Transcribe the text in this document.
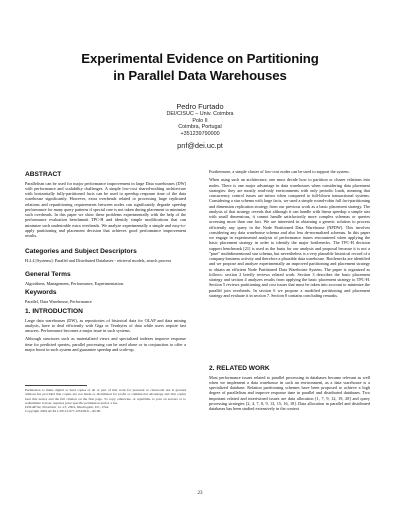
Experimental Evidence on Partitioning
in Parallel Data Warehouses
Pedro Furtado
DEI/CISUC – Univ. Coimbra
Polo II
Coimbra, Portugal
+351239790000
pnf@dei.uc.pt
ABSTRACT

Parallelism can be used for major performance improvement in large Data warehouses (DW) with performance and scalability challenges. A simple low-cost shared-nothing architecture with horizontally fully-partitioned facts can be used to speedup response time of the data warehouse significantly. However, extra overheads related to processing large replicated relations and repartitioning requirements between nodes can significantly degrade speedup performance for many query patterns if special care is not taken during placement to minimize such overheads. In this paper we show these problems experimentally with the help of the performance evaluation benchmark TPC-H and identify simple modifications that can minimize such undesirable extra overheads. We analyze experimentally a simple and easy-to-apply partitioning and placement decision that achieves good performance improvement results.

Categories and Subject Descriptors

H.2.4 [Systems]: Parallel and Distributed Databases - retrieval models, search process

General Terms

Algorithms, Management, Performance, Experimentation.

Keywords

Parallel, Data Warehouse, Performance

1. INTRODUCTION

Large data warehouses (DW), as repositories of historical data for OLAP and data mining analysis, have to deal efficiently with Giga or Terabytes of data while users require fast answers. Performance becomes a major issue in such systems.

Although structures such as materialized views and specialized indexes improve response time for predicted queries, parallel processing can be used alone or in conjunction to offer a major boost in such system and guarantee speedup and scale-up.

Permission to make digital or hard copies of all or part of this work for personal or classroom use is granted without fee provided that copies are not made or distributed for profit or commercial advantage and that copies bear this notice and the full citation on the first page. To copy otherwise, or republish, to post on servers or to redistribute to lists, requires prior specific permission and/or a fee.
DOLAP'04, November 12–13, 2004, Washington, DC, USA.
Copyright 2004 ACM 1-58113-977-2/04/0011...$5.00.

Furthermore, a simple cluster of low-cost nodes can be used to support the system.

When using such an architecture, one must decide how to partition or cluster relations into nodes. There is one major advantage in data warehouses when considering data placement strategies: they are mostly read-only environments with only periodic loads, meaning that concurrency control issues are minor when compared to full-blown transactional systems. Considering a star schema with large facts, we used a simple round-robin full fact-partitioning and dimension replication strategy from our previous work as a basic placement strategy. The analysis of that strategy reveals that although it can handle with linear speedup a simple star with small dimensions, it cannot handle satisfactorily more complex schemas or queries accessing more than one fact. We are interested in obtaining a generic solution to process efficiently any query in the Node Partitioned Data Warehouse (NPDW). This involves considering any data warehouse schema and also less de-normalized schemas. In this paper we engage in experimental analysis of performance issues encountered when applying the basic placement strategy in order to identify the major bottlenecks. The TPC-H decision support benchmark [21] is used as the basis for our analysis and proposal because it is not a "pure" multidimensional star schema, but nevertheless is a very plausible historical record of a company business activity and therefore a plausible data warehouse. Bottlenecks are identified and we propose and analyze experimentally an improved partitioning and placement strategy to obtain an efficient Node Partitioned Data Warehouse System. The paper is organized as follows: section 2 briefly reviews related work. Section 3 describes the basic placement strategy and section 4 analyzes results from applying the basic placement strategy to TPC-H. Section 5 reviews partitioning and cost issues that must be taken into account to minimize the parallel join overheads. In section 6 we propose a modified partitioning and placement strategy and evaluate it in section 7. Section 8 contains concluding remarks.

2. RELATED WORK

Most performance issues related to parallel processing in databases became relevant as well when we implement a data warehouse in such an environment, as a data warehouse is a specialized database. Relation partitioning schemes have been proposed to achieve a high degree of parallelism and improve response time in parallel and distributed databases. Two important related and intertwined issues are data allocation [1, 7, 9, 12, 19, 28] and query processing strategies [2, 4, 7, 8, 9, 13, 15, 16, 18]. Data allocation in parallel and distributed databases has been studied extensively in the context

23
